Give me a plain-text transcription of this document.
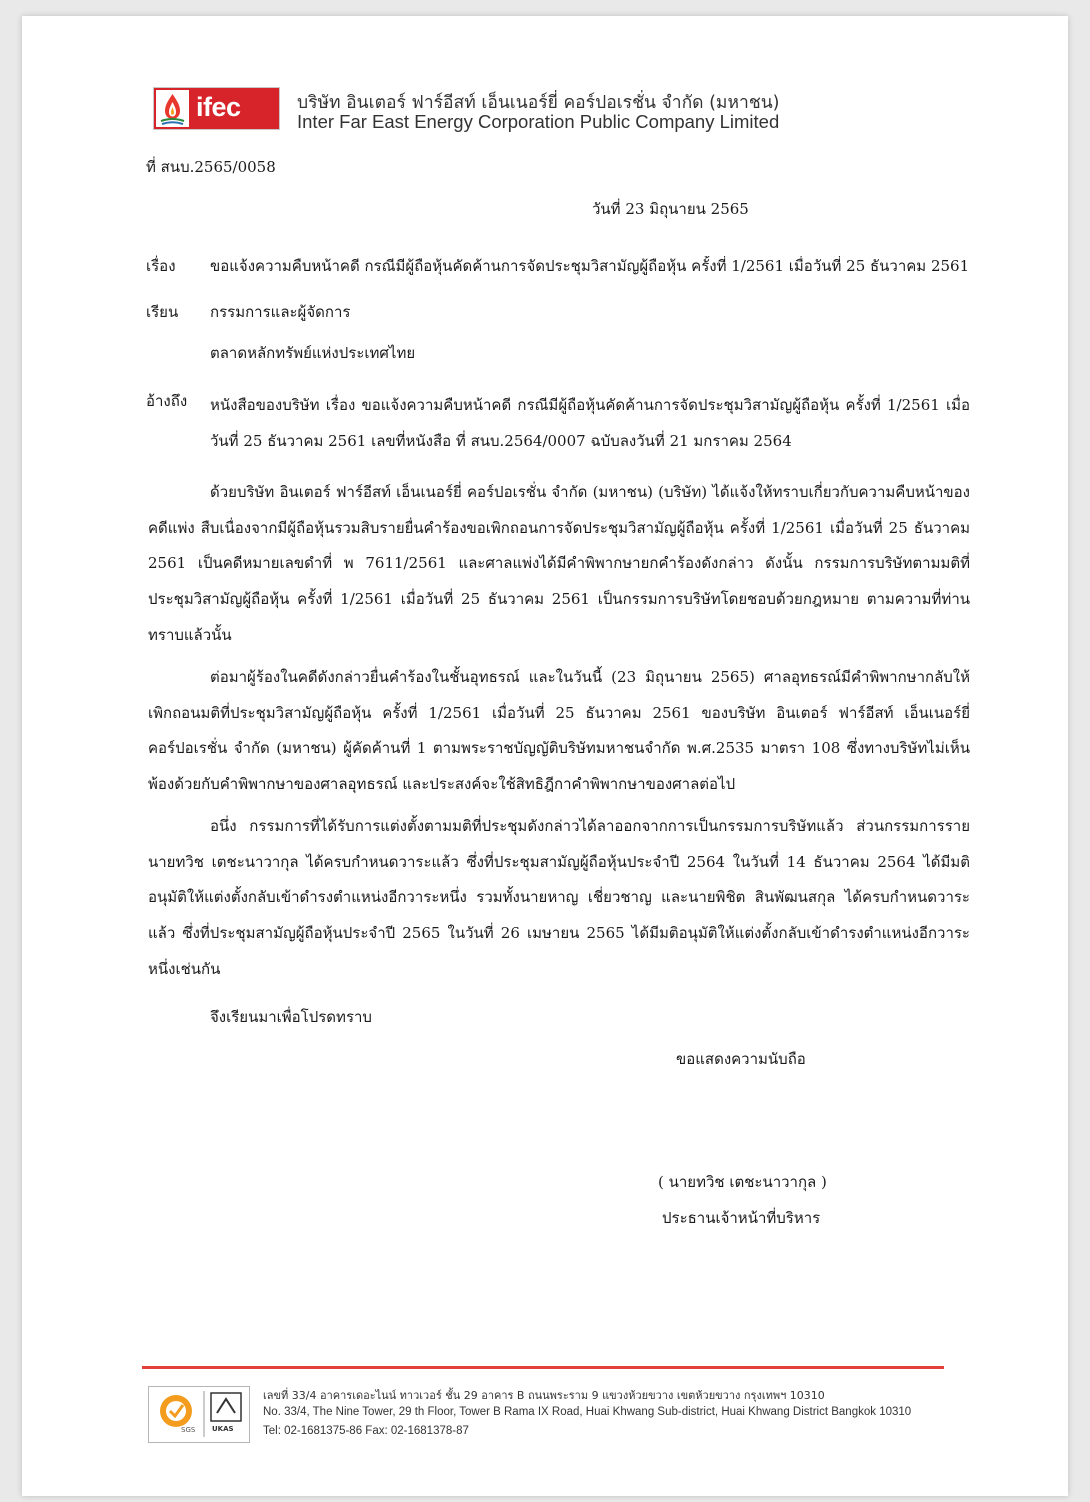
ifec	บริษัท อินเตอร์ ฟาร์อีสท์ เอ็นเนอร์ยี่ คอร์ปอเรชั่น จำกัด (มหาชน)
Inter Far East Energy Corporation Public Company Limited
ที่ สนบ.2565/0058
วันที่ 23 มิถุนายน 2565
เรื่อง ขอแจ้งความคืบหน้าคดี กรณีมีผู้ถือหุ้นคัดค้านการจัดประชุมวิสามัญผู้ถือหุ้น ครั้งที่ 1/2561 เมื่อวันที่ 25 ธันวาคม 2561
เรียน กรรมการและผู้จัดการ
ตลาดหลักทรัพย์แห่งประเทศไทย
อ้างถึง หนังสือของบริษัท เรื่อง ขอแจ้งความคืบหน้าคดี กรณีมีผู้ถือหุ้นคัดค้านการจัดประชุมวิสามัญผู้ถือหุ้น ครั้งที่ 1/2561 เมื่อวันที่ 25 ธันวาคม 2561 เลขที่หนังสือ ที่ สนบ.2564/0007 ฉบับลงวันที่ 21 มกราคม 2564

ด้วยบริษัท อินเตอร์ ฟาร์อีสท์ เอ็นเนอร์ยี่ คอร์ปอเรชั่น จำกัด (มหาชน) (บริษัท) ได้แจ้งให้ทราบเกี่ยวกับความคืบหน้าของคดีแพ่ง สืบเนื่องจากมีผู้ถือหุ้นรวมสิบรายยื่นคำร้องขอเพิกถอนการจัดประชุมวิสามัญผู้ถือหุ้น ครั้งที่ 1/2561 เมื่อวันที่ 25 ธันวาคม 2561 เป็นคดีหมายเลขดำที่ พ 7611/2561 และศาลแพ่งได้มีคำพิพากษายกคำร้องดังกล่าว ดังนั้น กรรมการบริษัทตามมติที่ประชุมวิสามัญผู้ถือหุ้น ครั้งที่ 1/2561 เมื่อวันที่ 25 ธันวาคม 2561 เป็นกรรมการบริษัทโดยชอบด้วยกฎหมาย ตามความที่ท่านทราบแล้วนั้น

ต่อมาผู้ร้องในคดีดังกล่าวยื่นคำร้องในชั้นอุทธรณ์ และในวันนี้ (23 มิถุนายน 2565) ศาลอุทธรณ์มีคำพิพากษากลับให้เพิกถอนมติที่ประชุมวิสามัญผู้ถือหุ้น ครั้งที่ 1/2561 เมื่อวันที่ 25 ธันวาคม 2561 ของบริษัท อินเตอร์ ฟาร์อีสท์ เอ็นเนอร์ยี่ คอร์ปอเรชั่น จำกัด (มหาชน) ผู้คัดค้านที่ 1 ตามพระราชบัญญัติบริษัทมหาชนจำกัด พ.ศ.2535 มาตรา 108 ซึ่งทางบริษัทไม่เห็นพ้องด้วยกับคำพิพากษาของศาลอุทธรณ์ และประสงค์จะใช้สิทธิฎีกาคำพิพากษาของศาลต่อไป

อนึ่ง กรรมการที่ได้รับการแต่งตั้งตามมติที่ประชุมดังกล่าวได้ลาออกจากการเป็นกรรมการบริษัทแล้ว ส่วนกรรมการรายนายทวิช เตชะนาวากุล ได้ครบกำหนดวาระแล้ว ซึ่งที่ประชุมสามัญผู้ถือหุ้นประจำปี 2564 ในวันที่ 14 ธันวาคม 2564 ได้มีมติอนุมัติให้แต่งตั้งกลับเข้าดำรงตำแหน่งอีกวาระหนึ่ง รวมทั้งนายหาญ เชี่ยวชาญ และนายพิชิต สินพัฒนสกุล ได้ครบกำหนดวาระแล้ว ซึ่งที่ประชุมสามัญผู้ถือหุ้นประจำปี 2565 ในวันที่ 26 เมษายน 2565 ได้มีมติอนุมัติให้แต่งตั้งกลับเข้าดำรงตำแหน่งอีกวาระหนึ่งเช่นกัน

จึงเรียนมาเพื่อโปรดทราบ
ขอแสดงความนับถือ
( นายทวิช เตชะนาวากุล )
ประธานเจ้าหน้าที่บริหาร
SGS UKAS
เลขที่ 33/4 อาคารเดอะไนน์ ทาวเวอร์ ชั้น 29 อาคาร B ถนนพระราม 9 แขวงห้วยขวาง เขตห้วยขวาง กรุงเทพฯ 10310
No. 33/4, The Nine Tower, 29 th Floor, Tower B Rama IX Road, Huai Khwang Sub-district, Huai Khwang District Bangkok 10310
Tel: 02-1681375-86 Fax: 02-1681378-87
